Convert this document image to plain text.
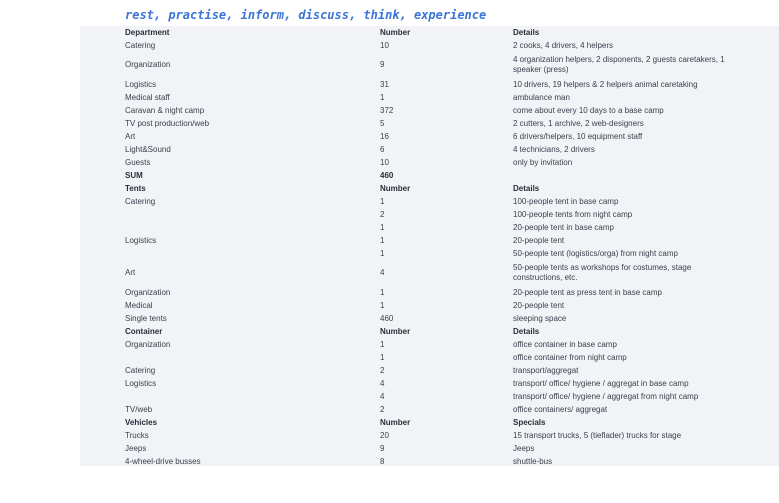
rest, practise, inform, discuss, think, experience
Department	Number	Details
Catering	10	2 cooks, 4 drivers, 4 helpers
Organization	9	4 organization helpers, 2 disponents, 2 guests caretakers, 1 speaker (press)
Logistics	31	10 drivers, 19 helpers & 2 helpers animal caretaking
Medical staff	1	ambulance man
Caravan & night camp	372	come about every 10 days to a base camp
TV post production/web	5	2 cutters, 1 archive, 2 web-designers
Art	16	6 drivers/helpers, 10 equipment staff
Light&Sound	6	4 technicians, 2 drivers
Guests	10	only by invitation
SUM	460	
Tents	Number	Details
Catering	1	100-people tent in base camp
	2	100-people tents from night camp
	1	20-people tent in base camp
Logistics	1	20-people tent
	1	50-people tent (logistics/orga) from night camp
Art	4	50-people tents as workshops for costumes, stage constructions, etc.
Organization	1	20-people tent as press tent in base camp
Medical	1	20-people tent
Single tents	460	sleeping space
Container	Number	Details
Organization	1	office container in base camp
	1	office container from night camp
Catering	2	transport/aggregat
Logistics	4	transport/ office/ hygiene / aggregat in base camp
	4	transport/ office/ hygiene / aggregat from night camp
TV/web	2	office containers/ aggregat
Vehicles	Number	Specials
Trucks	20	15 transport trucks, 5 (tieflader) trucks for stage
Jeeps	9	Jeeps
4-wheel-drive busses	8	shuttle-bus
